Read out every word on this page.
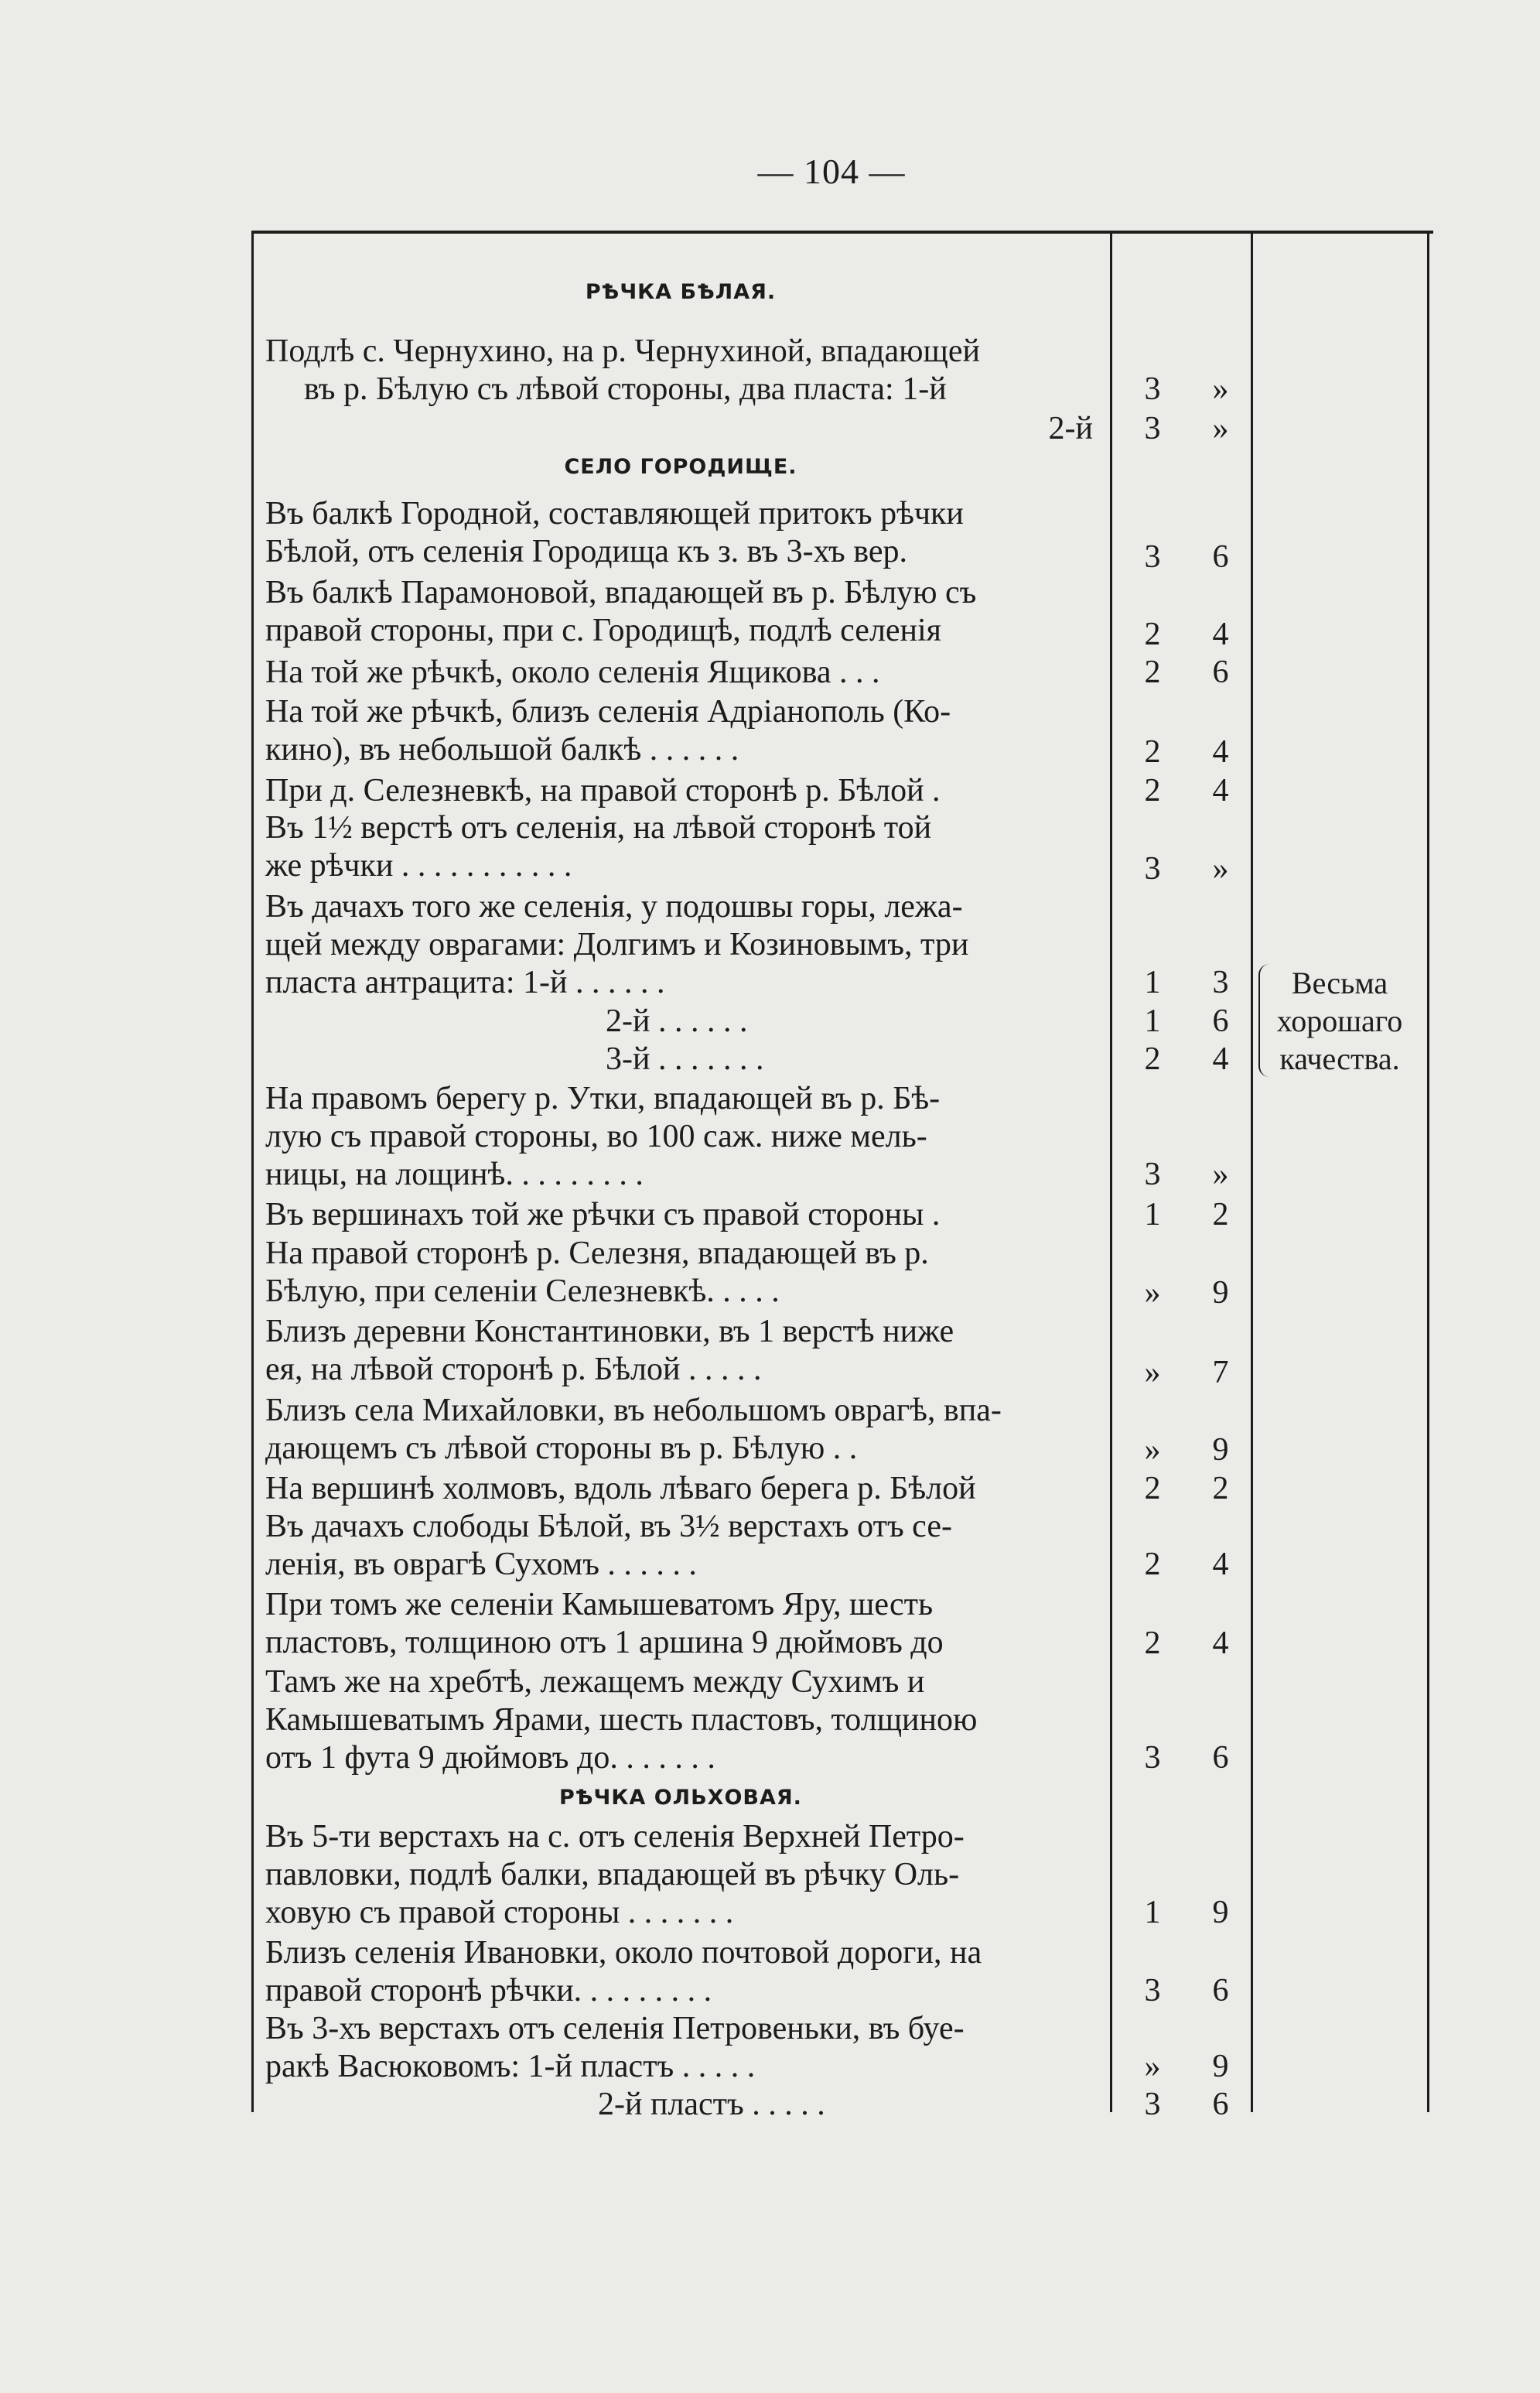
— 104 —
РѢЧКА БѢЛАЯ.
Подлѣ с. Чернухино, на р. Чернухиной, впадающей
въ р. Бѣлую съ лѣвой стороны, два пласта: 1-й	3	»
2-й	3	»
СЕЛО ГОРОДИЩЕ.
Въ балкѣ Городной, составляющей притокъ рѣчки
Бѣлой, отъ селенія Городища къ з. въ 3-хъ вер.	3	6
Въ балкѣ Парамоновой, впадающей въ р. Бѣлую съ
правой стороны, при с. Городищѣ, подлѣ селенія	2	4
На той же рѣчкѣ, около селенія Ящикова . . .	2	6
На той же рѣчкѣ, близъ селенія Адріанополь (Ко-
кино), въ небольшой балкѣ . . . . . .	2	4
При д. Селезневкѣ, на правой сторонѣ р. Бѣлой .	2	4
Въ 1½ верстѣ отъ селенія, на лѣвой сторонѣ той
же рѣчки . . . . . . . . . . .	3	»
Въ дачахъ того же селенія, у подошвы горы, лежа-
щей между оврагами: Долгимъ и Козиновымъ, три
пласта антрацита: 1-й . . . . . .	1	3
2-й . . . . . .	1	6
3-й . . . . . . .	2	4
Весьма
хорошаго
качества.
На правомъ берегу р. Утки, впадающей въ р. Бѣ-
лую съ правой стороны, во 100 саж. ниже мель-
ницы, на лощинѣ. . . . . . . . .	3	»
Въ вершинахъ той же рѣчки съ правой стороны .	1	2
На правой сторонѣ р. Селезня, впадающей въ р.
Бѣлую, при селеніи Селезневкѣ. . . . .	»	9
Близъ деревни Константиновки, въ 1 верстѣ ниже
ея, на лѣвой сторонѣ р. Бѣлой . . . . .	»	7
Близъ села Михайловки, въ небольшомъ оврагѣ, впа-
дающемъ съ лѣвой стороны въ р. Бѣлую . .	»	9
На вершинѣ холмовъ, вдоль лѣваго берега р. Бѣлой	2	2
Въ дачахъ слободы Бѣлой, въ 3½ верстахъ отъ се-
ленія, въ оврагѣ Сухомъ . . . . . .	2	4
При томъ же селеніи Камышеватомъ Яру, шесть
пластовъ, толщиною отъ 1 аршина 9 дюймовъ до	2	4
Тамъ же на хребтѣ, лежащемъ между Сухимъ и
Камышеватымъ Ярами, шесть пластовъ, толщиною
отъ 1 фута 9 дюймовъ до. . . . . . .	3	6
РѢЧКА ОЛЬХОВАЯ.
Въ 5-ти верстахъ на с. отъ селенія Верхней Петро-
павловки, подлѣ балки, впадающей въ рѣчку Оль-
ховую съ правой стороны . . . . . . .	1	9
Близъ селенія Ивановки, около почтовой дороги, на
правой сторонѣ рѣчки. . . . . . . . .	3	6
Въ 3-хъ верстахъ отъ селенія Петровеньки, въ буе-
ракѣ Васюковомъ: 1-й пластъ . . . . .	»	9
2-й пластъ . . . . .	3	6
